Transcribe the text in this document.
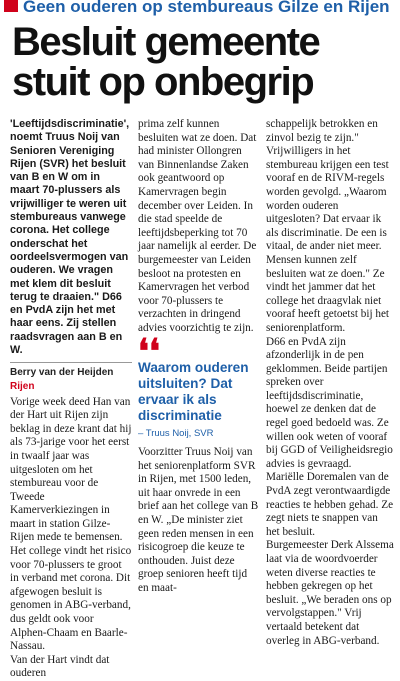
Geen ouderen op stembureaus Gilze en Rijen
Besluit gemeente
stuit op onbegrip

'Leeftijdsdiscriminatie', noemt Truus Noij van Senioren Vereniging Rijen (SVR) het besluit van B en W om in maart 70-plussers als vrijwilliger te weren uit stembureaus vanwege corona. Het college onderschat het oordeelsvermogen van ouderen. We vragen met klem dit besluit terug te draaien." D66 en PvdA zijn het met haar eens. Zij stellen raadsvragen aan B en W.

Berry van der Heijden
Rijen

Vorige week deed Han van der Hart uit Rijen zijn beklag in deze krant dat hij als 73-jarige voor het eerst in twaalf jaar was uitgesloten om het stembureau voor de Tweede Kamerverkiezingen in maart in station Gilze-Rijen mede te bemensen. Het college vindt het risico voor 70-plussers te groot in verband met corona. Dit afgewogen besluit is genomen in ABG-verband, dus geldt ook voor Alphen-Chaam en Baarle-Nassau.

Van der Hart vindt dat ouderen

prima zelf kunnen besluiten wat ze doen. Dat had minister Ollongren van Binnenlandse Zaken ook geantwoord op Kamervragen begin december over Leiden. In die stad speelde de leeftijdsbeperking tot 70 jaar namelijk al eerder. De burgemeester van Leiden besloot na protesten en Kamervragen het verbod voor 70-plussers te verzachten in dringend advies voorzichtig te zijn.

❛❛
Waarom ouderen uitsluiten? Dat ervaar ik als discriminatie
– Truus Noij, SVR

Voorzitter Truus Noij van het seniorenplatform SVR in Rijen, met 1500 leden, uit haar onvrede in een brief aan het college van B en W. „De minister ziet geen reden mensen in een risicogroep die keuze te onthouden. Juist deze groep senioren heeft tijd en maat-

schappelijk betrokken en zinvol bezig te zijn."

Vrijwilligers in het stembureau krijgen een test vooraf en de RIVM-regels worden gevolgd. „Waarom worden ouderen uitgesloten? Dat ervaar ik als discriminatie. De een is vitaal, de ander niet meer. Mensen kunnen zelf besluiten wat ze doen." Ze vindt het jammer dat het college het draagvlak niet vooraf heeft getoetst bij het seniorenplatform.

D66 en PvdA zijn afzonderlijk in de pen geklommen. Beide partijen spreken over leeftijdsdiscriminatie, hoewel ze denken dat de regel goed bedoeld was. Ze willen ook weten of vooraf bij GGD of Veiligheidsregio advies is gevraagd.

Mariëlle Doremalen van de PvdA zegt verontwaardigde reacties te hebben gehad. Ze zegt niets te snappen van het besluit.

Burgemeester Derk Alssema laat via de woordvoerder weten diverse reacties te hebben gekregen op het besluit. „We beraden ons op vervolgstappen." Vrij vertaald betekent dat overleg in ABG-verband.
